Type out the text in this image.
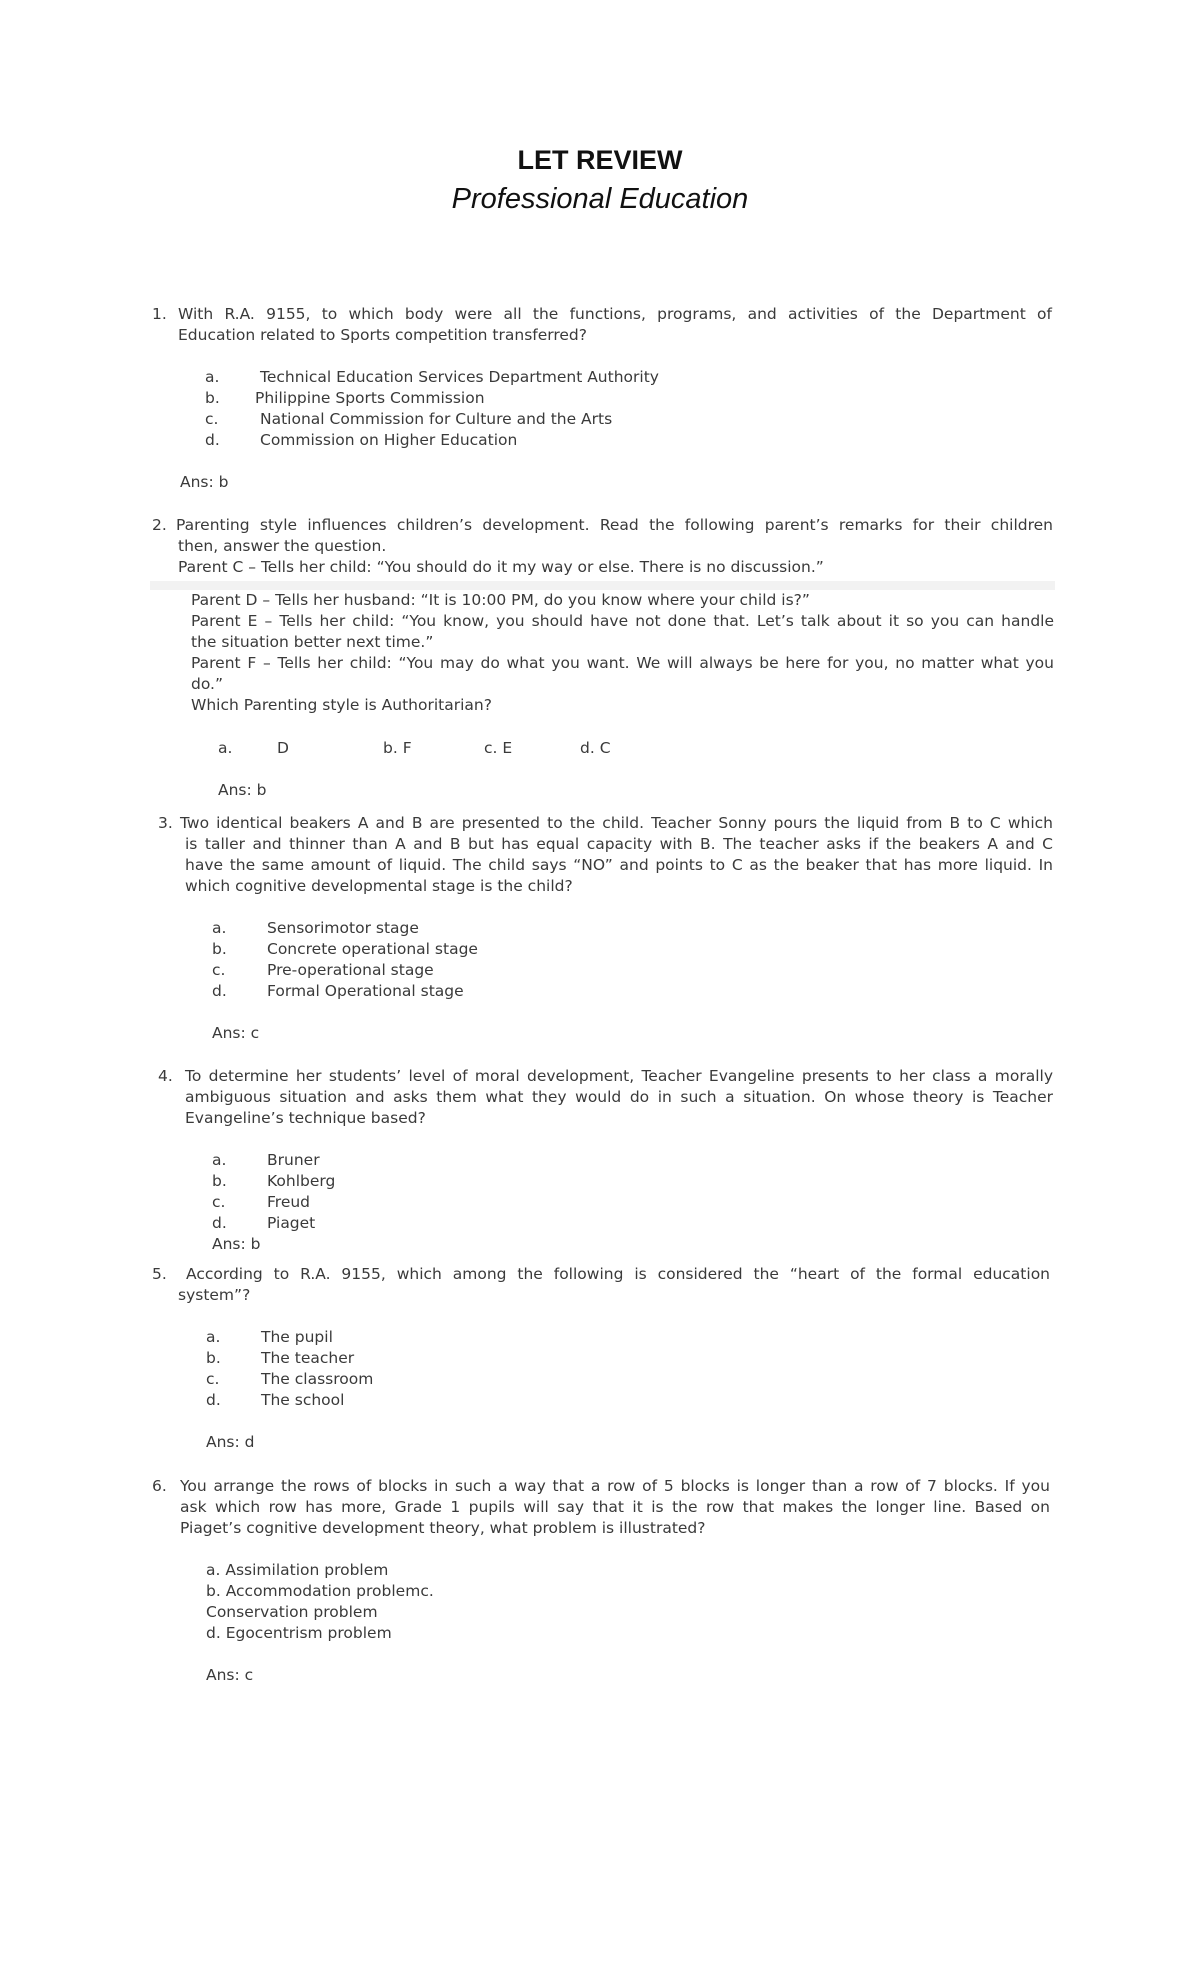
LET REVIEW
Professional Education
1. With R.A. 9155, to which body were all the functions, programs, and activities of the Department of
Education related to Sports competition transferred?
a.	Technical Education Services Department Authority
b. Philippine Sports Commission
c.	National Commission for Culture and the Arts
d.	Commission on Higher Education
Ans: b
2. Parenting style influences children’s development. Read the following parent’s remarks for their children
then, answer the question.
Parent C – Tells her child: “You should do it my way or else. There is no discussion.”
Parent D – Tells her husband: “It is 10:00 PM, do you know where your child is?”
Parent E – Tells her child: “You know, you should have not done that. Let’s talk about it so you can handle
the situation better next time.”
Parent F – Tells her child: “You may do what you want. We will always be here for you, no matter what you
do.”
Which Parenting style is Authoritarian?
a.	D	b. F	c. E	d. C
Ans: b
3. Two identical beakers A and B are presented to the child. Teacher Sonny pours the liquid from B to C which
is taller and thinner than A and B but has equal capacity with B. The teacher asks if the beakers A and C
have the same amount of liquid. The child says “NO” and points to C as the beaker that has more liquid. In
which cognitive developmental stage is the child?
a.	Sensorimotor stage
b.	Concrete operational stage
c.	Pre-operational stage
d.	Formal Operational stage
Ans: c
4. To determine her students’ level of moral development, Teacher Evangeline presents to her class a morally
ambiguous situation and asks them what they would do in such a situation. On whose theory is Teacher
Evangeline’s technique based?
a.	Bruner
b.	Kohlberg
c.	Freud
d.	Piaget
Ans: b
5. According to R.A. 9155, which among the following is considered the “heart of the formal education
system”?
a.	The pupil
b.	The teacher
c.	The classroom
d.	The school
Ans: d
6. You arrange the rows of blocks in such a way that a row of 5 blocks is longer than a row of 7 blocks. If you
ask which row has more, Grade 1 pupils will say that it is the row that makes the longer line. Based on
Piaget’s cognitive development theory, what problem is illustrated?
a. Assimilation problem
b. Accommodation problemc.
Conservation problem
d. Egocentrism problem
Ans: c
